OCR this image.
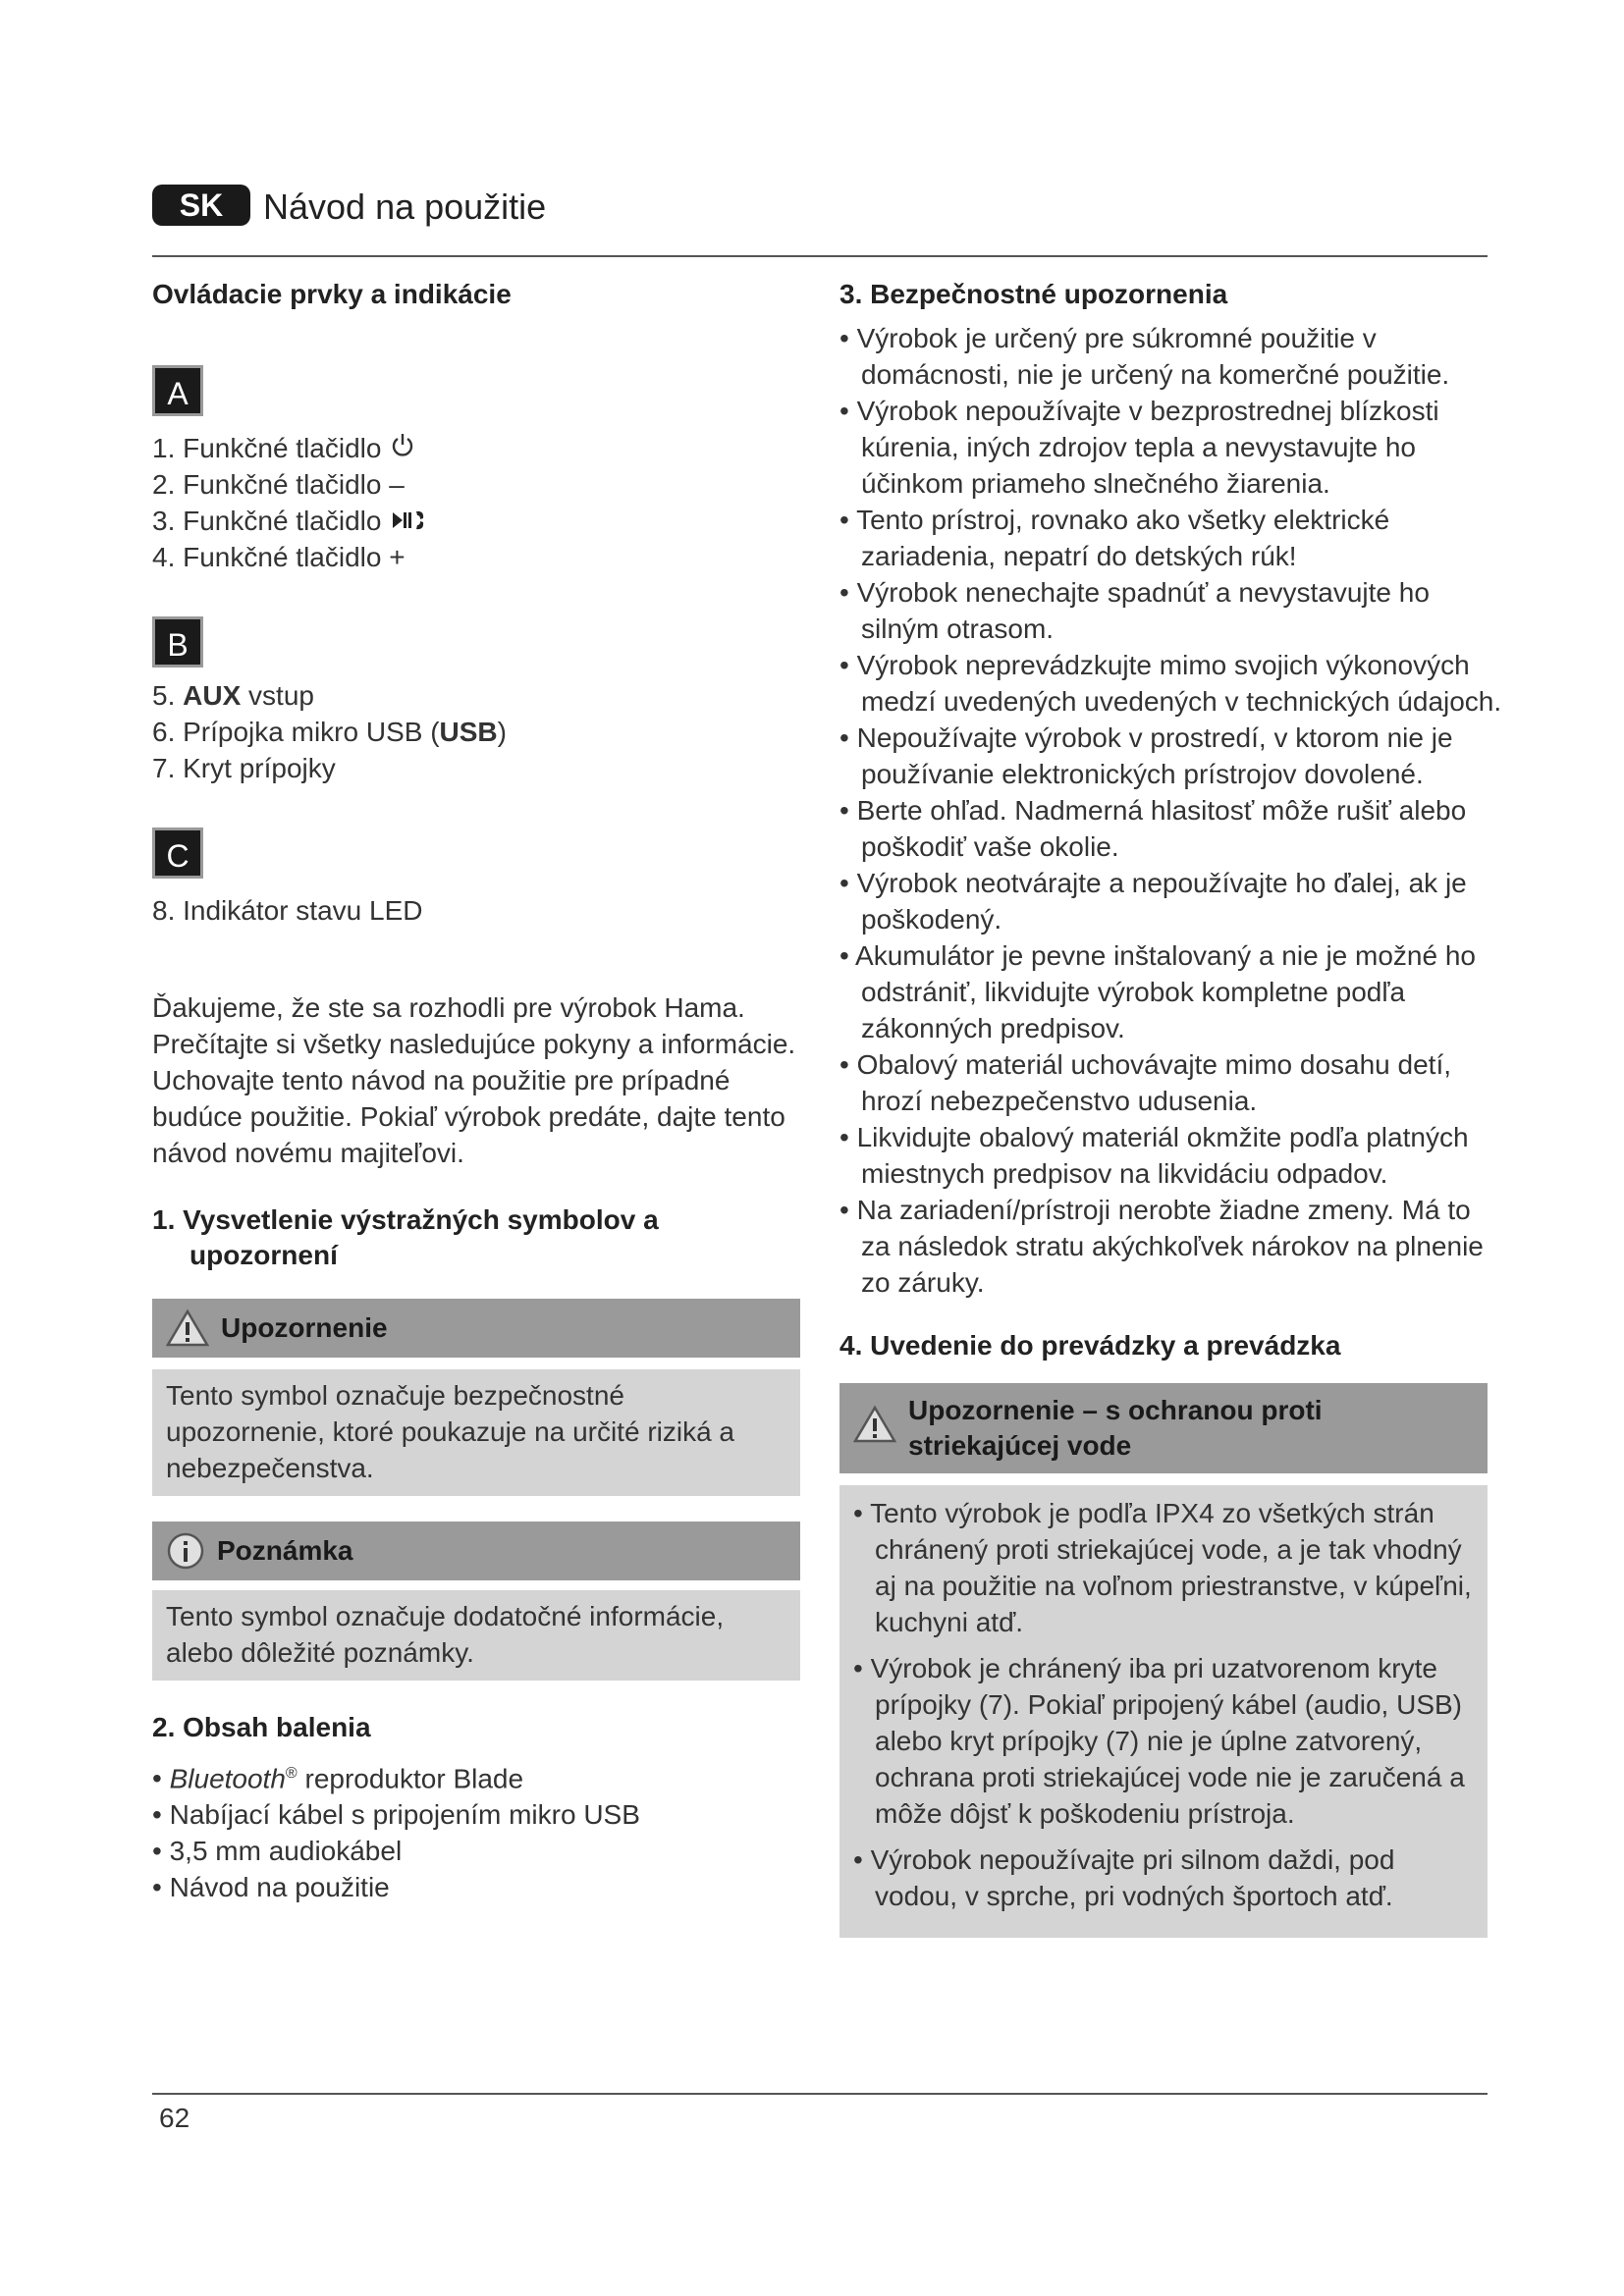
SK	Návod na použitie
Ovládacie prvky a indikácie
A
1. Funkčné tlačidlo
2. Funkčné tlačidlo –
3. Funkčné tlačidlo
4. Funkčné tlačidlo +
B
5. AUX vstup
6. Prípojka mikro USB (USB)
7. Kryt prípojky
C
8. Indikátor stavu LED
Ďakujeme, že ste sa rozhodli pre výrobok Hama. Prečítajte si všetky nasledujúce pokyny a informácie. Uchovajte tento návod na použitie pre prípadné budúce použitie. Pokiaľ výrobok predáte, dajte tento návod novému majiteľovi.
1. Vysvetlenie výstražných symbolov a upozornení
Upozornenie
Tento symbol označuje bezpečnostné upozornenie, ktoré poukazuje na určité riziká a nebezpečenstva.
Poznámka
Tento symbol označuje dodatočné informácie, alebo dôležité poznámky.
2. Obsah balenia
• Bluetooth® reproduktor Blade
• Nabíjací kábel s pripojením mikro USB
• 3,5 mm audiokábel
• Návod na použitie
3. Bezpečnostné upozornenia
• Výrobok je určený pre súkromné použitie v domácnosti, nie je určený na komerčné použitie.
• Výrobok nepoužívajte v bezprostrednej blízkosti kúrenia, iných zdrojov tepla a nevystavujte ho účinkom priameho slnečného žiarenia.
• Tento prístroj, rovnako ako všetky elektrické zariadenia, nepatrí do detských rúk!
• Výrobok nenechajte spadnúť a nevystavujte ho silným otrasom.
• Výrobok neprevádzkujte mimo svojich výkonových medzí uvedených uvedených v technických údajoch.
• Nepoužívajte výrobok v prostredí, v ktorom nie je používanie elektronických prístrojov dovolené.
• Berte ohľad. Nadmerná hlasitosť môže rušiť alebo poškodiť vaše okolie.
• Výrobok neotvárajte a nepoužívajte ho ďalej, ak je poškodený.
• Akumulátor je pevne inštalovaný a nie je možné ho odstrániť, likvidujte výrobok kompletne podľa zákonných predpisov.
• Obalový materiál uchovávajte mimo dosahu detí, hrozí nebezpečenstvo udusenia.
• Likvidujte obalový materiál okmžite podľa platných miestnych predpisov na likvidáciu odpadov.
• Na zariadení/prístroji nerobte žiadne zmeny. Má to za následok stratu akýchkoľvek nárokov na plnenie zo záruky.
4. Uvedenie do prevádzky a prevádzka
Upozornenie – s ochranou proti striekajúcej vode
• Tento výrobok je podľa IPX4 zo všetkých strán chránený proti striekajúcej vode, a je tak vhodný aj na použitie na voľnom priestranstve, v kúpeľni, kuchyni atď.
• Výrobok je chránený iba pri uzatvorenom kryte prípojky (7). Pokiaľ pripojený kábel (audio, USB) alebo kryt prípojky (7) nie je úplne zatvorený, ochrana proti striekajúcej vode nie je zaručená a môže dôjsť k poškodeniu prístroja.
• Výrobok nepoužívajte pri silnom daždi, pod vodou, v sprche, pri vodných športoch atď.
62
